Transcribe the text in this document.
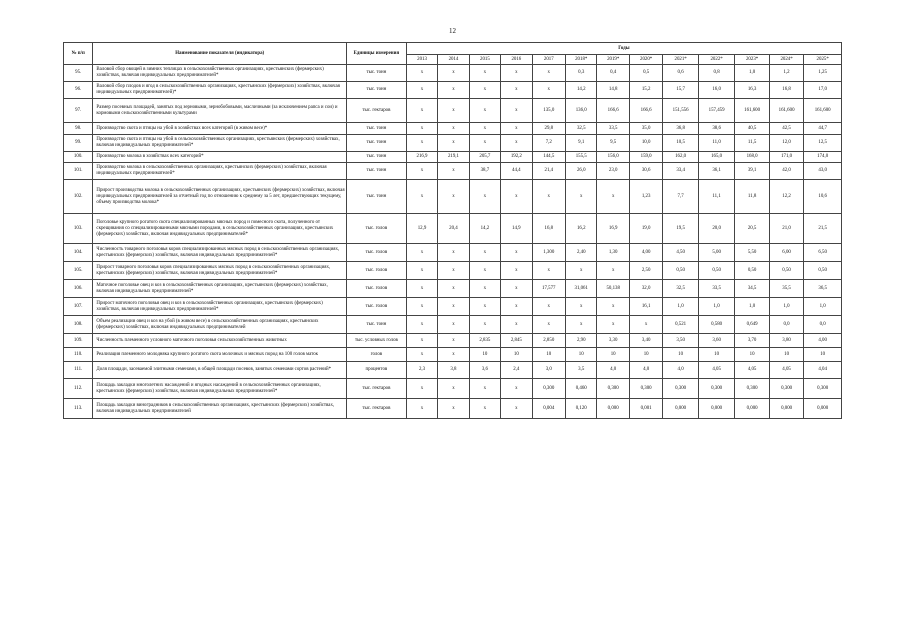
12
№ п/п	Наименование показателя (индикатора)	Единицы измерения	Годы												
			2013	2014	2015	2016	2017	2018*	2019*	2020*	2021*	2022*	2023*	2024*	2025*
95.	Валовой сбор овощей в зимних теплицах в сельскохозяйственных организациях, крестьянских (фермерских) хозяйствах, включая индивидуальных предпринимателей*	тыс. тонн	x	x	x	x	x	0,3	0,4	0,5	0,6	0,8	1,0	1,2	1,25
96.	Валовой сбор плодов и ягод в сельскохозяйственных организациях, крестьянских (фермерских) хозяйствах, включая индивидуальных предпринимателей)*	тыс. тонн	x	x	x	x	x	14,2	14,8	15,2	15,7	16,0	16,3	16,8	17,0
97.	Размер посевных площадей, занятых под зерновыми, зернобобовыми, масличными (за исключением рапса и сои) и кормовыми сельскохозяйственными культурами	тыс. гектаров	x	x	x	x	135,0	136,0	166,6	166,6	151,556	157,459	161,600	161,600	161,600
98.	Производство скота и птицы на убой в хозяйствах всех категорий (в живом весе)*	тыс. тонн	x	x	x	x	29,8	32,5	33,5	35,0	36,8	38,6	40,5	42,5	44,7
99.	Производство скота и птицы на убой в сельскохозяйственных организациях, крестьянских (фермерских) хозяйствах, включая индивидуальных предпринимателей*	тыс. тонн	x	x	x	x	7,2	9,1	9,5	10,0	10,5	11,0	11,5	12,0	12,5
100.	Производство молока в хозяйствах всех категорий*	тыс. тонн	216,9	219,1	205,7	192,2	144,5	155,5	156,0	159,0	162,0	165,0	168,0	171,0	174,0
101.	Производство молока в сельскохозяйственных организациях, крестьянских (фермерских) хозяйствах, включая индивидуальных предпринимателей*	тыс. тонн	x	x	38,7	44,4	21,4	26,0	23,0	30,6	33,4	36,1	39,1	42,0	43,0
102.	Прирост производства молока в сельскохозяйственных организациях, крестьянских (фермерских) хозяйствах, включая индивидуальных предпринимателей за отчетный год по отношению к среднему за 5 лет, предшествующих текущему, объему производства молока*	тыс. тонн	x	x	x	x	x	x	x	1,23	7,7	11,1	11,8	12,2	10,6
103.	Поголовье крупного рогатого скота специализированных мясных пород и помесного скота, полученного от скрещивания со специализированными мясными породами, в сельскохозяйственных организациях, крестьянских (фермерских) хозяйствах, включая индивидуальных предпринимателей*	тыс. голов	12,9	20,4	14,2	14,9	16,8	16,2	16,9	19,0	19,5	20,0	20,5	21,0	21,5
104.	Численность товарного поголовья коров специализированных мясных пород в сельскохозяйственных организациях, крестьянских (фермерских) хозяйствах, включая индивидуальных предпринимателей*	тыс. голов	x	x	x	x	1,300	2,40	1,30	4,00	4,50	5,00	5,50	6,00	6,50
105.	Прирост товарного поголовья коров специализированных мясных пород в сельскохозяйственных организациях, крестьянских (фермерских) хозяйствах, включая индивидуальных предпринимателей*	тыс. голов	x	x	x	x	x	x	x	2,50	0,50	0,50	0,50	0,50	0,50
106.	Маточное поголовье овец и коз в сельскохозяйственных организациях, крестьянских (фермерских) хозяйствах, включая индивидуальных предпринимателей*	тыс. голов	x	x	x	x	17,577	31,061	50,138	32,0	32,5	33,5	34,5	35,5	36,5
107.	Прирост маточного поголовья овец и коз в сельскохозяйственных организациях, крестьянских (фермерских) хозяйствах, включая индивидуальных предпринимателей*	тыс. голов	x	x	x	x	x	x	x	16,1	1,0	1,0	1,0	1,0	1,0
108.	Объем реализации овец и коз на убой (в живом весе) в сельскохозяйственных организациях, крестьянских (фермерских) хозяйствах, включая индивидуальных предпринимателей	тыс. тонн	x	x	x	x	x	x	x	x	0,521	0,580	0,649	0,0	0,0
109.	Численность племенного условного маточного поголовья сельскохозяйственных животных	тыс. условных голов	x	x	2,835	2,845	2,850	2,90	3,30	3,40	3,50	3,60	3,70	3,80	4,00
110.	Реализация племенного молодняка крупного рогатого скота молочных и мясных пород на 100 голов маток	голов	x	x	10	10	10	10	10	10	10	10	10	10	10
111.	Доля площади, засеваемой элитными семенами, в общей площади посевов, занятых семенами сортов растений*	процентов	2,3	3,8	3,6	2,4	3,0	3,5	4,0	4,0	4,0	4,05	4,05	4,05	4,04
112.	Площадь закладки многолетних насаждений и ягодных насаждений в сельскохозяйственных организациях, крестьянских (фермерских) хозяйствах, включая индивидуальных предпринимателей*	тыс. гектаров	x	x	x	x	0,300	0,460	0,300	0,300	0,300	0,300	0,300	0,300	0,300
113.	Площадь закладки виноградников в сельскохозяйственных организациях, крестьянских (фермерских) хозяйствах, включая индивидуальных предпринимателей	тыс. гектаров	x	x	x	x	0,004	0,120	0,000	0,001	0,000	0,000	0,000	0,000	0,000
